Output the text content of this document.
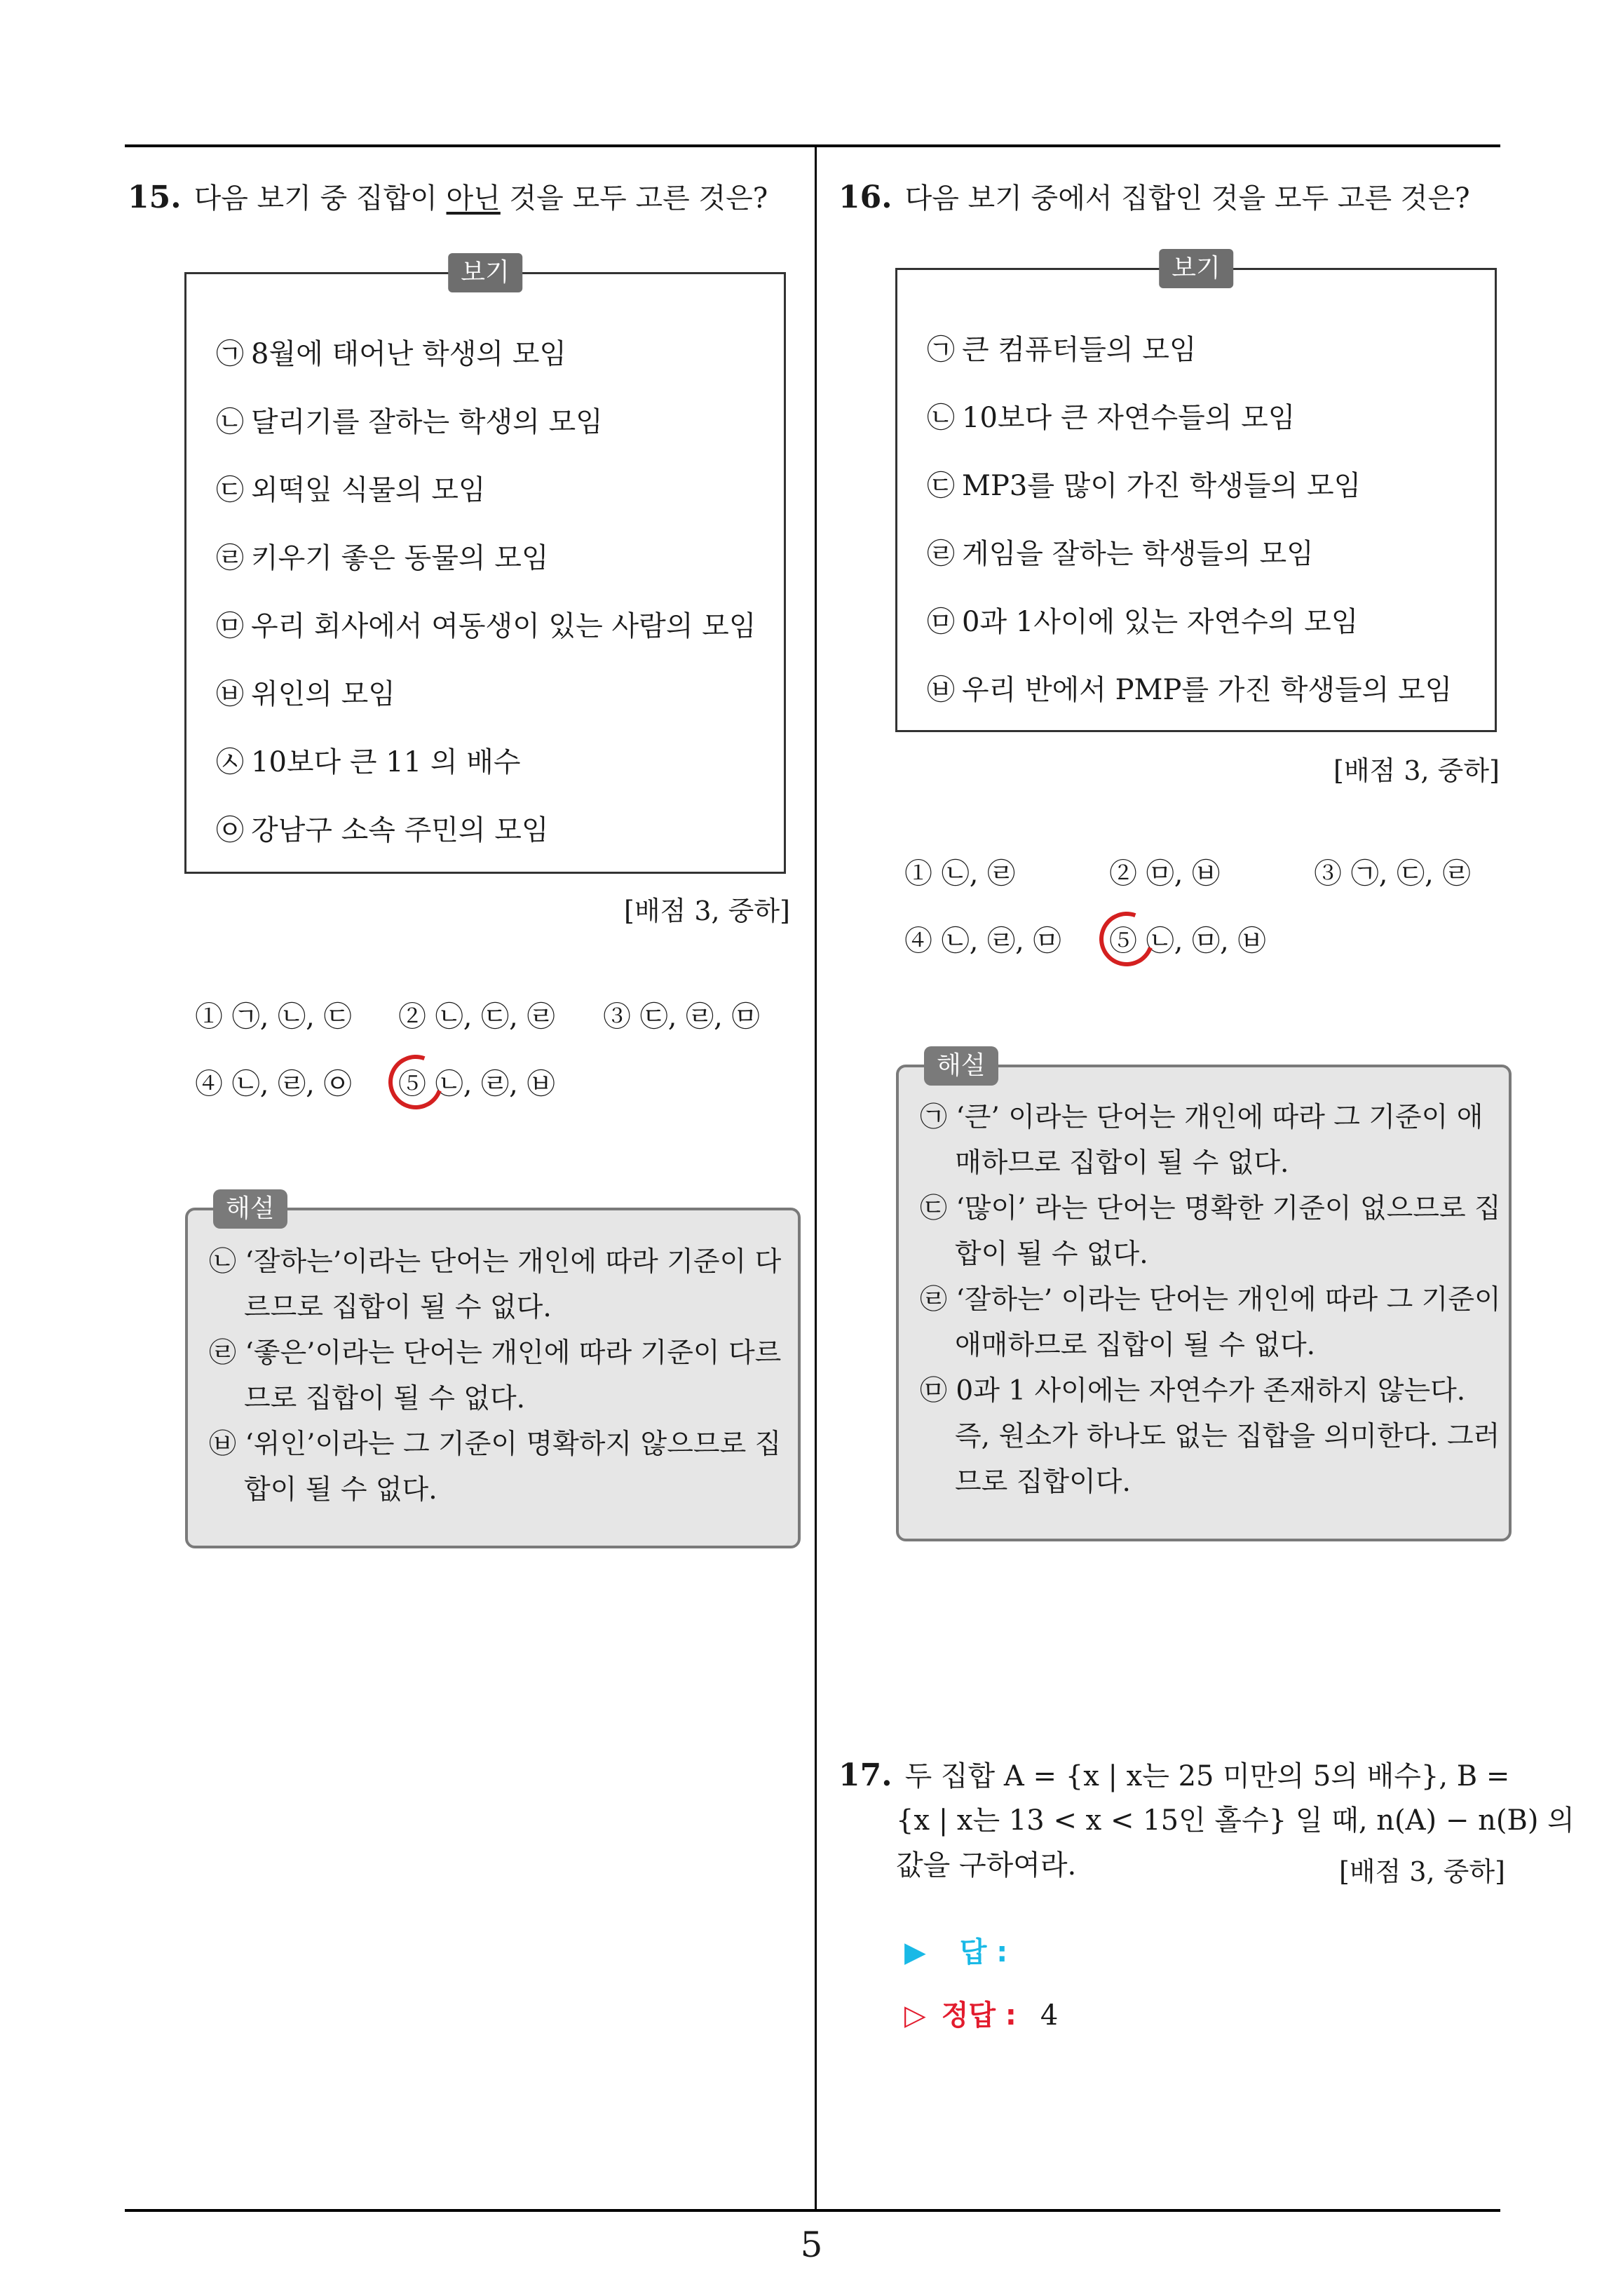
15. 다음 보기 중 집합이 아닌 것을 모두 고른 것은?
보기
㉠ 8월에 태어난 학생의 모임
㉡ 달리기를 잘하는 학생의 모임
㉢ 외떡잎 식물의 모임
㉣ 키우기 좋은 동물의 모임
㉤ 우리 회사에서 여동생이 있는 사람의 모임
㉥ 위인의 모임
㉦ 10보다 큰 11 의 배수
㉧ 강남구 소속 주민의 모임
[배점 3, 중하]
① ㉠, ㉡, ㉢ ② ㉡, ㉢, ㉣ ③ ㉢, ㉣, ㉤
④ ㉡, ㉣, ㉧ ⑤ ㉡, ㉣, ㉥
해설
㉡ ‘잘하는’이라는 단어는 개인에 따라 기준이 다
르므로 집합이 될 수 없다.
㉣ ‘좋은’이라는 단어는 개인에 따라 기준이 다르
므로 집합이 될 수 없다.
㉥ ‘위인’이라는 그 기준이 명확하지 않으므로 집
합이 될 수 없다.
16. 다음 보기 중에서 집합인 것을 모두 고른 것은?
보기
㉠ 큰 컴퓨터들의 모임
㉡ 10보다 큰 자연수들의 모임
㉢ MP3를 많이 가진 학생들의 모임
㉣ 게임을 잘하는 학생들의 모임
㉤ 0과 1사이에 있는 자연수의 모임
㉥ 우리 반에서 PMP를 가진 학생들의 모임
[배점 3, 중하]
① ㉡, ㉣	② ㉤, ㉥	③ ㉠, ㉢, ㉣
④ ㉡, ㉣, ㉤ ⑤ ㉡, ㉤, ㉥
해설
㉠ ‘큰’ 이라는 단어는 개인에 따라 그 기준이 애
매하므로 집합이 될 수 없다.
㉢ ‘많이’ 라는 단어는 명확한 기준이 없으므로 집
합이 될 수 없다.
㉣ ‘잘하는’ 이라는 단어는 개인에 따라 그 기준이
애매하므로 집합이 될 수 없다.
㉤ 0과 1 사이에는 자연수가 존재하지 않는다.
즉, 원소가 하나도 없는 집합을 의미한다. 그러
므로 집합이다.
17. 두 집합 A = {x | x는 25 미만의 5의 배수}, B =
{x | x는 13 < x < 15인 홀수} 일 때, n(A) − n(B) 의
값을 구하여라.	[배점 3, 중하]
▶ 답 :
▷ 정답 : 4
5
